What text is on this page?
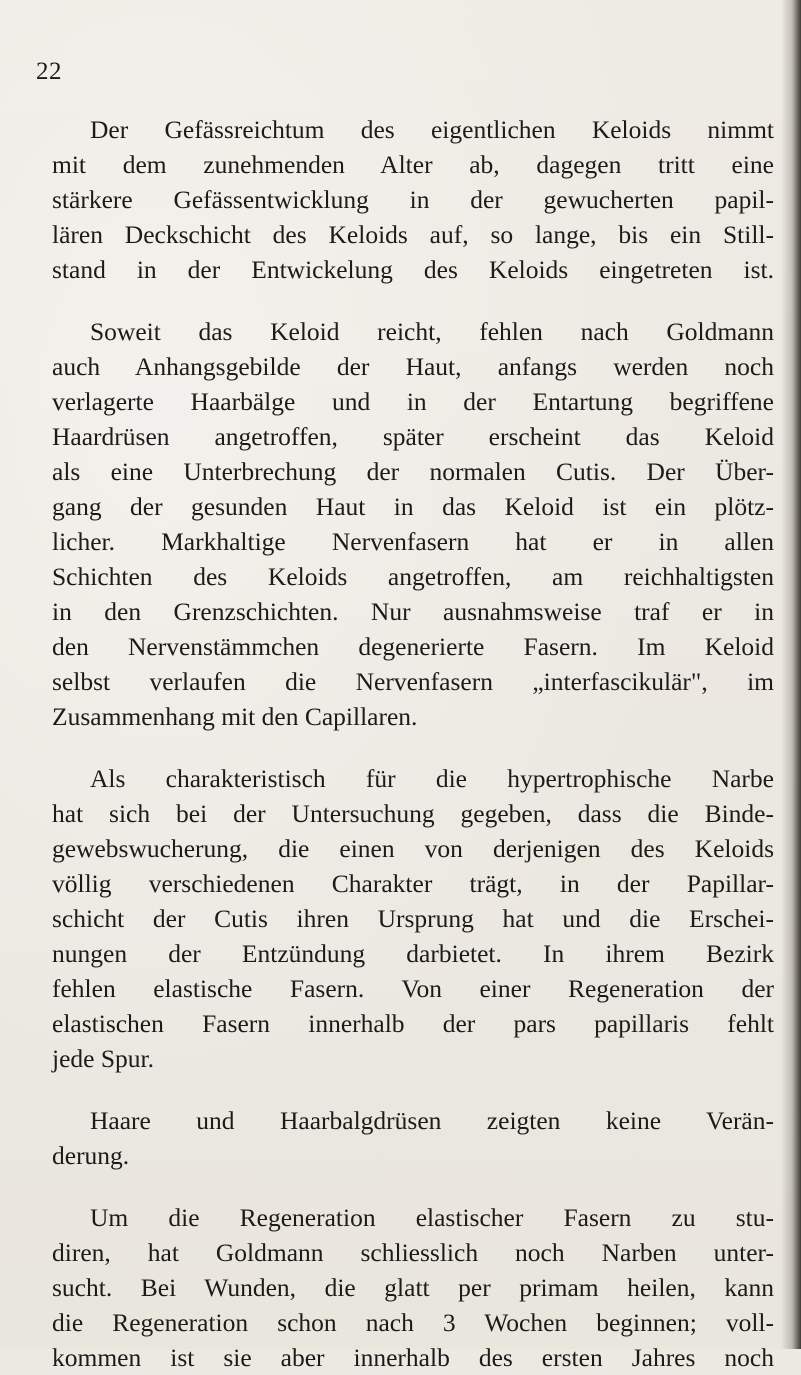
22
Der Gefässreichtum des eigentlichen Keloids nimmt
mit dem zunehmenden Alter ab, dagegen tritt eine
stärkere Gefässentwicklung in der gewucherten papil-
lären Deckschicht des Keloids auf, so lange, bis ein Still-
stand in der Entwickelung des Keloids eingetreten ist.
Soweit das Keloid reicht, fehlen nach Goldmann
auch Anhangsgebilde der Haut, anfangs werden noch
verlagerte Haarbälge und in der Entartung begriffene
Haardrüsen angetroffen, später erscheint das Keloid
als eine Unterbrechung der normalen Cutis. Der Über-
gang der gesunden Haut in das Keloid ist ein plötz-
licher. Markhaltige Nervenfasern hat er in allen
Schichten des Keloids angetroffen, am reichhaltigsten
in den Grenzschichten. Nur ausnahmsweise traf er in
den Nervenstämmchen degenerierte Fasern. Im Keloid
selbst verlaufen die Nervenfasern „interfascikulär", im
Zusammenhang mit den Capillaren.
Als charakteristisch für die hypertrophische Narbe
hat sich bei der Untersuchung gegeben, dass die Binde-
gewebswucherung, die einen von derjenigen des Keloids
völlig verschiedenen Charakter trägt, in der Papillar-
schicht der Cutis ihren Ursprung hat und die Erschei-
nungen der Entzündung darbietet. In ihrem Bezirk
fehlen elastische Fasern. Von einer Regeneration der
elastischen Fasern innerhalb der pars papillaris fehlt
jede Spur.
Haare und Haarbalgdrüsen zeigten keine Verän-
derung.
Um die Regeneration elastischer Fasern zu stu-
diren, hat Goldmann schliesslich noch Narben unter-
sucht. Bei Wunden, die glatt per primam heilen, kann
die Regeneration schon nach 3 Wochen beginnen; voll-
kommen ist sie aber innerhalb des ersten Jahres noch
